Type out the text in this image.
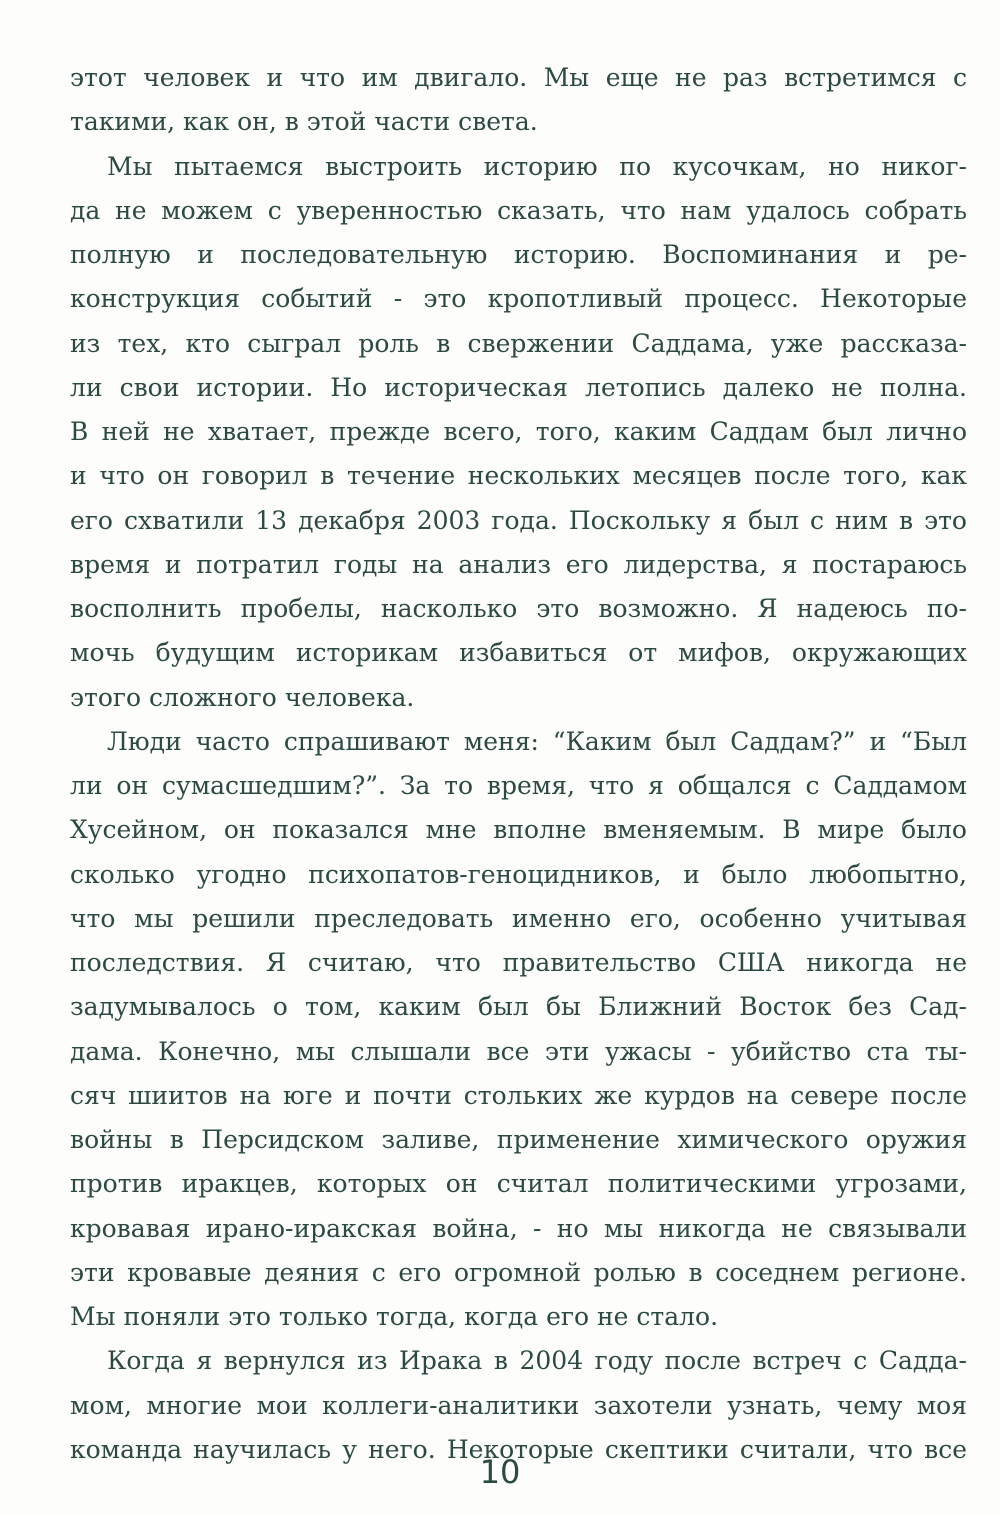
этот человек и что им двигало. Мы еще не раз встретимся с
такими, как он, в этой части света.
Мы пытаемся выстроить историю по кусочкам, но никог-
да не можем с уверенностью сказать, что нам удалось собрать
полную и последовательную историю. Воспоминания и ре-
конструкция событий - это кропотливый процесс. Некоторые
из тех, кто сыграл роль в свержении Саддама, уже рассказа-
ли свои истории. Но историческая летопись далеко не полна.
В ней не хватает, прежде всего, того, каким Саддам был лично
и что он говорил в течение нескольких месяцев после того, как
его схватили 13 декабря 2003 года. Поскольку я был с ним в это
время и потратил годы на анализ его лидерства, я постараюсь
восполнить пробелы, насколько это возможно. Я надеюсь по-
мочь будущим историкам избавиться от мифов, окружающих
этого сложного человека.
Люди часто спрашивают меня: “Каким был Саддам?” и “Был
ли он сумасшедшим?”. За то время, что я общался с Саддамом
Хусейном, он показался мне вполне вменяемым. В мире было
сколько угодно психопатов-геноцидников, и было любопытно,
что мы решили преследовать именно его, особенно учитывая
последствия. Я считаю, что правительство США никогда не
задумывалось о том, каким был бы Ближний Восток без Сад-
дама. Конечно, мы слышали все эти ужасы - убийство ста ты-
сяч шиитов на юге и почти стольких же курдов на севере после
войны в Персидском заливе, применение химического оружия
против иракцев, которых он считал политическими угрозами,
кровавая ирано-иракская война, - но мы никогда не связывали
эти кровавые деяния с его огромной ролью в соседнем регионе.
Мы поняли это только тогда, когда его не стало.
Когда я вернулся из Ирака в 2004 году после встреч с Садда-
мом, многие мои коллеги-аналитики захотели узнать, чему моя
команда научилась у него. Некоторые скептики считали, что все
10
